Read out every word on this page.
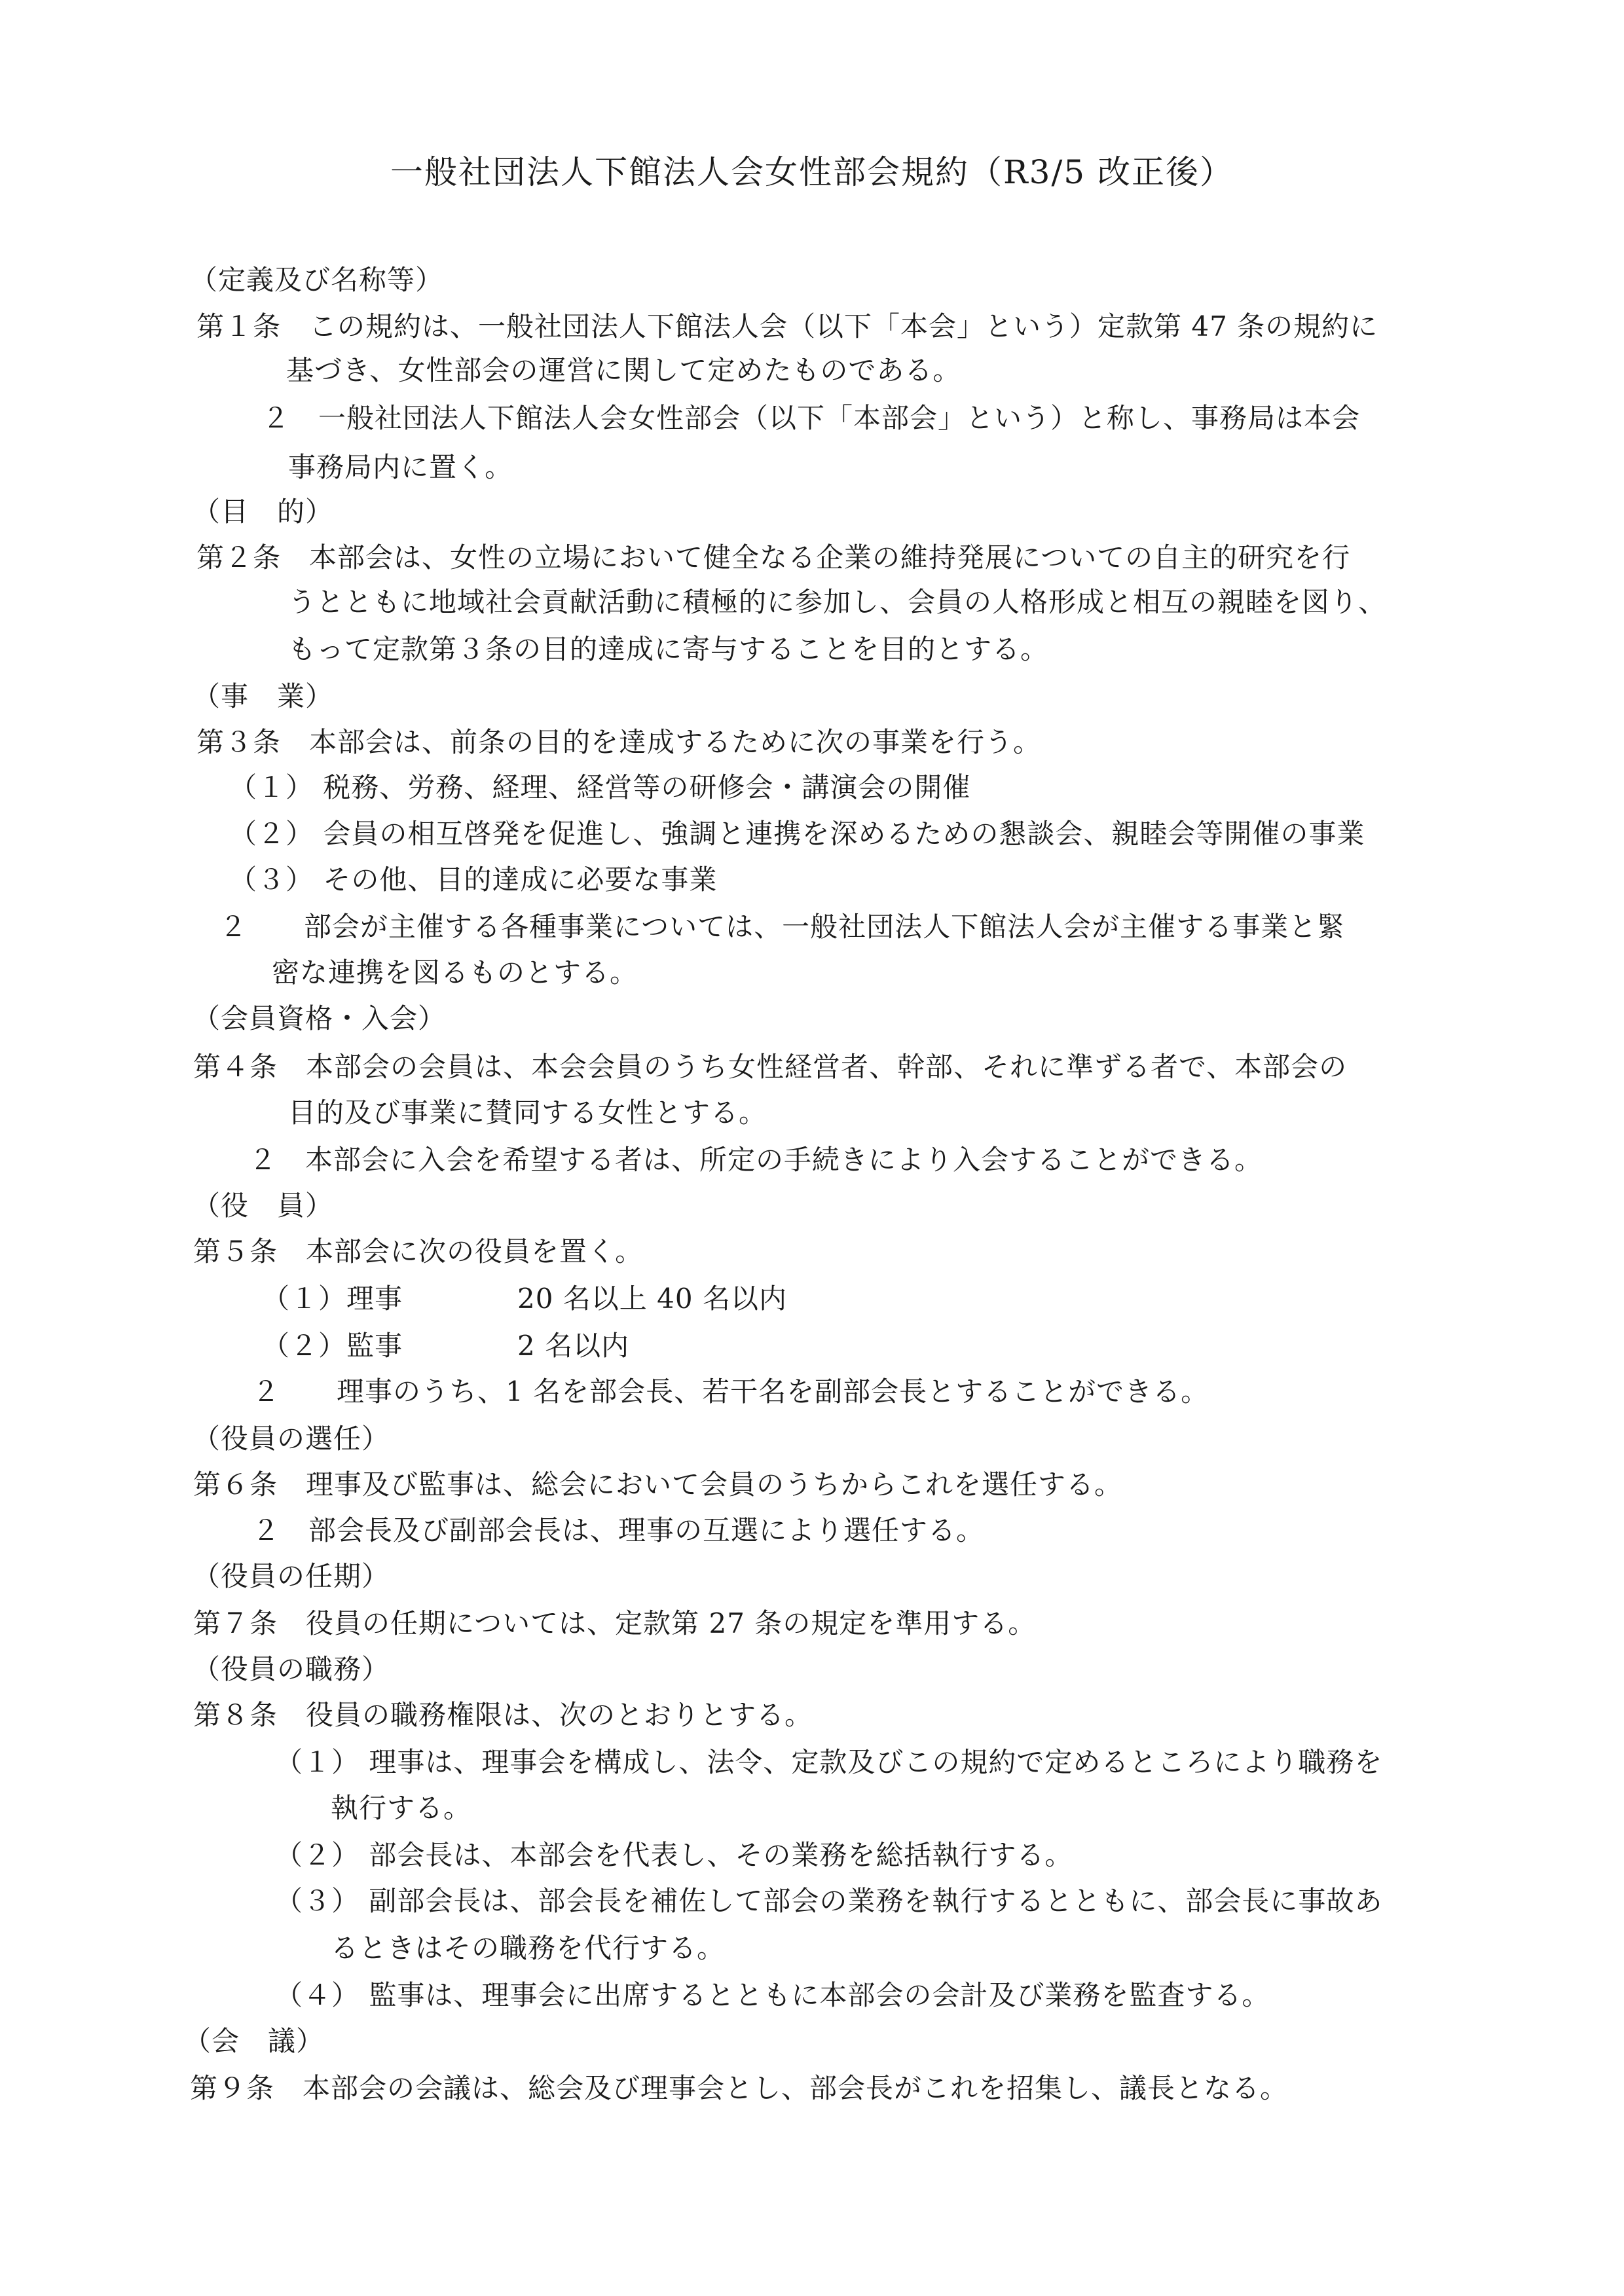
一般社団法人下館法人会女性部会規約（R3/5 改正後）
（定義及び名称等）
第１条　この規約は、一般社団法人下館法人会（以下「本会」という）定款第 47 条の規約に
基づき、女性部会の運営に関して定めたものである。
２　一般社団法人下館法人会女性部会（以下「本部会」という）と称し、事務局は本会
事務局内に置く。
（目　的）
第２条　本部会は、女性の立場において健全なる企業の維持発展についての自主的研究を行
うとともに地域社会貢献活動に積極的に参加し、会員の人格形成と相互の親睦を図り、
もって定款第３条の目的達成に寄与することを目的とする。
（事　業）
第３条　本部会は、前条の目的を達成するために次の事業を行う。
（１） 税務、労務、経理、経営等の研修会・講演会の開催
（２） 会員の相互啓発を促進し、強調と連携を深めるための懇談会、親睦会等開催の事業
（３） その他、目的達成に必要な事業
２　　部会が主催する各種事業については、一般社団法人下館法人会が主催する事業と緊
密な連携を図るものとする。
（会員資格・入会）
第４条　本部会の会員は、本会会員のうち女性経営者、幹部、それに準ずる者で、本部会の
目的及び事業に賛同する女性とする。
２　本部会に入会を希望する者は、所定の手続きにより入会することができる。
（役　員）
第５条　本部会に次の役員を置く。
（１）理事	20 名以上 40 名以内
（２）監事	2 名以内
２　　理事のうち、1 名を部会長、若干名を副部会長とすることができる。
（役員の選任）
第６条　理事及び監事は、総会において会員のうちからこれを選任する。
２　部会長及び副部会長は、理事の互選により選任する。
（役員の任期）
第７条　役員の任期については、定款第 27 条の規定を準用する。
（役員の職務）
第８条　役員の職務権限は、次のとおりとする。
（１） 理事は、理事会を構成し、法令、定款及びこの規約で定めるところにより職務を
執行する。
（２） 部会長は、本部会を代表し、その業務を総括執行する。
（３） 副部会長は、部会長を補佐して部会の業務を執行するとともに、部会長に事故あ
るときはその職務を代行する。
（４） 監事は、理事会に出席するとともに本部会の会計及び業務を監査する。
（会　議）
第９条　本部会の会議は、総会及び理事会とし、部会長がこれを招集し、議長となる。
